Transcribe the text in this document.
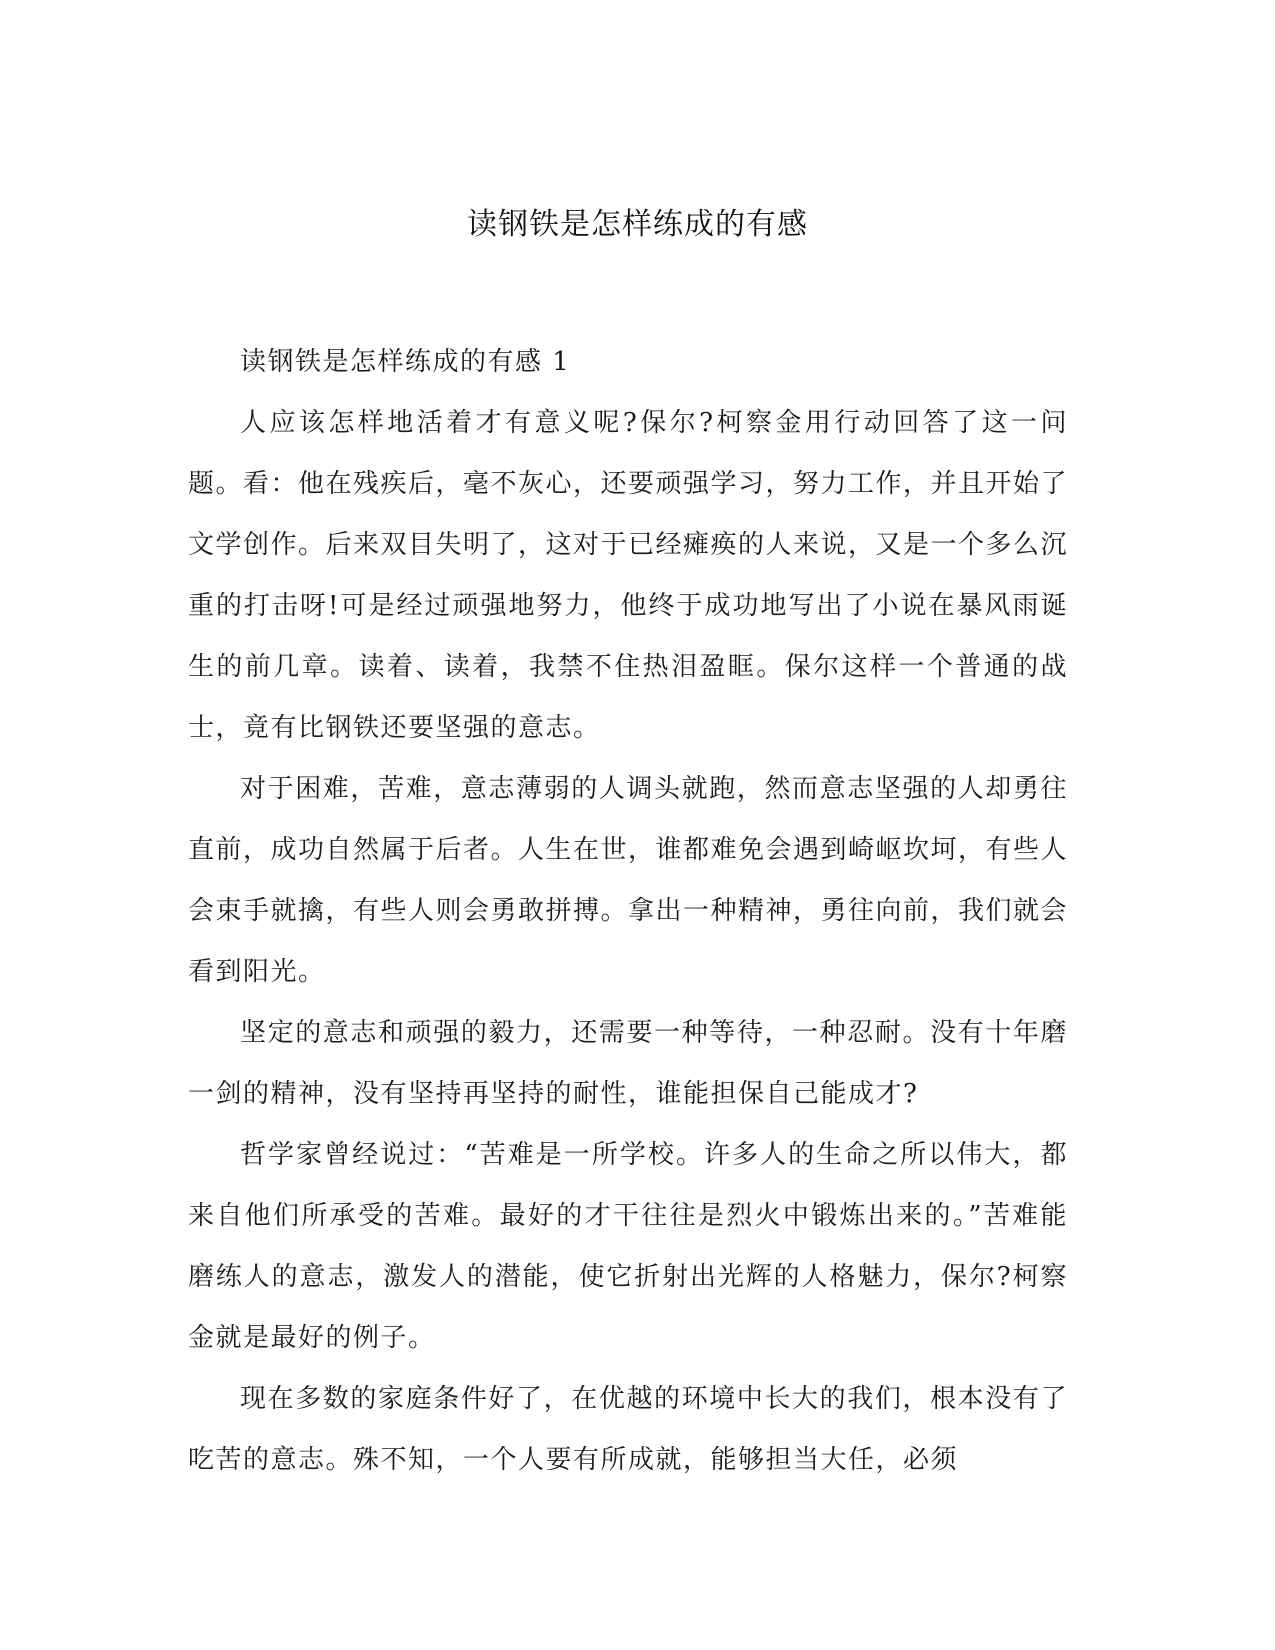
读钢铁是怎样练成的有感

读钢铁是怎样练成的有感 1

人应该怎样地活着才有意义呢?保尔?柯察金用行动回答了这一问题。看：他在残疾后，毫不灰心，还要顽强学习，努力工作，并且开始了文学创作。后来双目失明了，这对于已经瘫痪的人来说，又是一个多么沉重的打击呀!可是经过顽强地努力，他终于成功地写出了小说在暴风雨诞生的前几章。读着、读着，我禁不住热泪盈眶。保尔这样一个普通的战士，竟有比钢铁还要坚强的意志。

对于困难，苦难，意志薄弱的人调头就跑，然而意志坚强的人却勇往直前，成功自然属于后者。人生在世，谁都难免会遇到崎岖坎坷，有些人会束手就擒，有些人则会勇敢拼搏。拿出一种精神，勇往向前，我们就会看到阳光。

坚定的意志和顽强的毅力，还需要一种等待，一种忍耐。没有十年磨一剑的精神，没有坚持再坚持的耐性，谁能担保自己能成才?

哲学家曾经说过：“苦难是一所学校。许多人的生命之所以伟大，都来自他们所承受的苦难。最好的才干往往是烈火中锻炼出来的。”苦难能磨练人的意志，激发人的潜能，使它折射出光辉的人格魅力，保尔?柯察金就是最好的例子。

现在多数的家庭条件好了，在优越的环境中长大的我们，根本没有了吃苦的意志。殊不知，一个人要有所成就，能够担当大任，必须
